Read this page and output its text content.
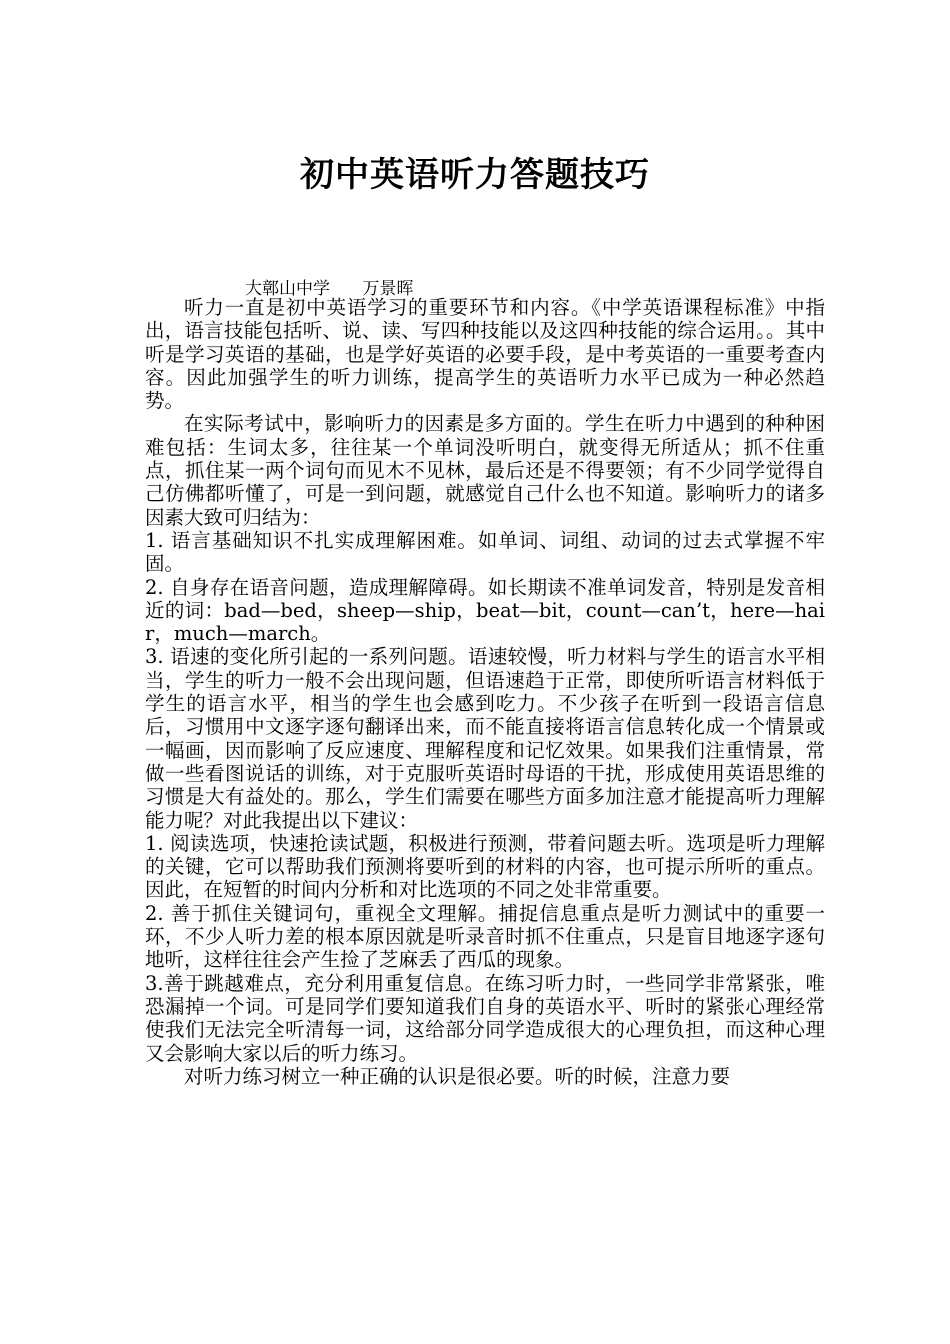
初中英语听力答题技巧
大鄣山中学      万景晖

听力一直是初中英语学习的重要环节和内容。《中学英语课程标准》中指出，语言技能包括听、说、读、写四种技能以及这四种技能的综合运用。。其中听是学习英语的基础，也是学好英语的必要手段，是中考英语的一重要考查内容。因此加强学生的听力训练，提高学生的英语听力水平已成为一种必然趋势。

在实际考试中，影响听力的因素是多方面的。学生在听力中遇到的种种困难包括：生词太多，往往某一个单词没听明白，就变得无所适从；抓不住重点，抓住某一两个词句而见木不见林，最后还是不得要领；有不少同学觉得自己仿佛都听懂了，可是一到问题，就感觉自己什么也不知道。影响听力的诸多因素大致可归结为：

1. 语言基础知识不扎实成理解困难。如单词、词组、动词的过去式掌握不牢固。

2. 自身存在语音问题，造成理解障碍。如长期读不准单词发音，特别是发音相近的词：bad—bed，sheep—ship，beat—bit，count—can’t，here—hair，much—march。

3. 语速的变化所引起的一系列问题。语速较慢，听力材料与学生的语言水平相当，学生的听力一般不会出现问题，但语速趋于正常，即使所听语言材料低于学生的语言水平，相当的学生也会感到吃力。不少孩子在听到一段语言信息后，习惯用中文逐字逐句翻译出来，而不能直接将语言信息转化成一个情景或一幅画，因而影响了反应速度、理解程度和记忆效果。如果我们注重情景，常做一些看图说话的训练，对于克服听英语时母语的干扰，形成使用英语思维的习惯是大有益处的。那么，学生们需要在哪些方面多加注意才能提高听力理解能力呢？对此我提出以下建议：

1. 阅读选项，快速抢读试题，积极进行预测，带着问题去听。选项是听力理解的关键，它可以帮助我们预测将要听到的材料的内容，也可提示所听的重点。因此，在短暂的时间内分析和对比选项的不同之处非常重要。

2. 善于抓住关键词句，重视全文理解。捕捉信息重点是听力测试中的重要一环，不少人听力差的根本原因就是听录音时抓不住重点，只是盲目地逐字逐句地听，这样往往会产生捡了芝麻丢了西瓜的现象。

3.善于跳越难点，充分利用重复信息。在练习听力时，一些同学非常紧张，唯恐漏掉一个词。可是同学们要知道我们自身的英语水平、听时的紧张心理经常使我们无法完全听清每一词，这给部分同学造成很大的心理负担，而这种心理又会影响大家以后的听力练习。

对听力练习树立一种正确的认识是很必要。听的时候，注意力要
